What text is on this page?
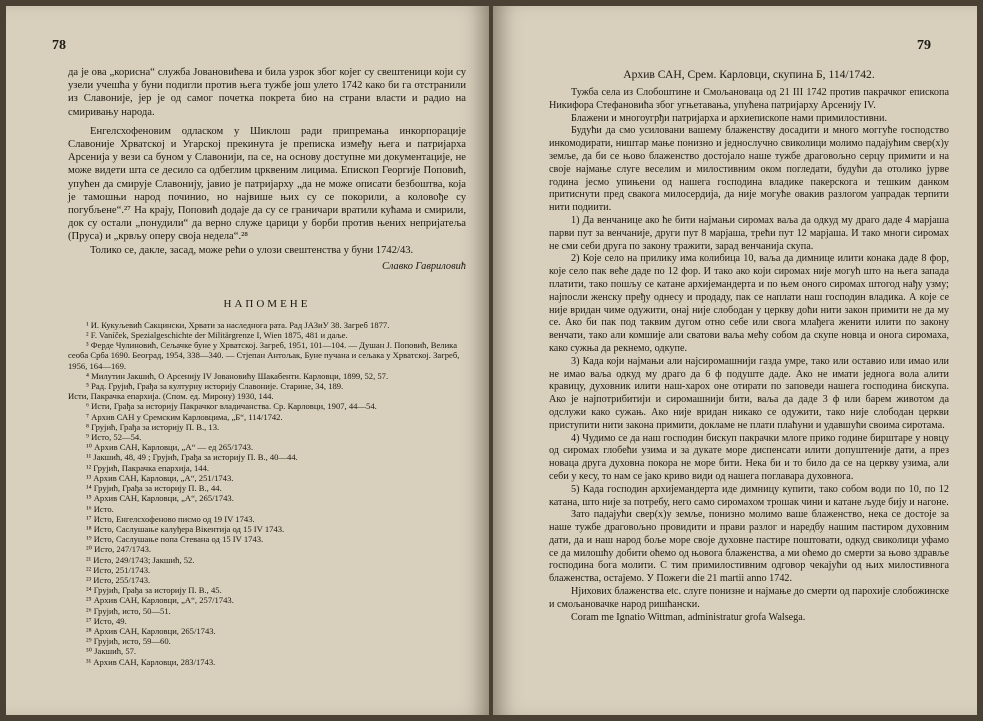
78

да је ова „корисна“ служба Јовановићева и била узрок због којег су свештеници који су узели учешћа у буни подигли против њега тужбе још улето 1742 како би га отстранили из Славоније, јер је од самог почетка покрета био на страни власти и радио на смиривању народа.

Енгелсхофеновим одласком у Шиклош ради припремања инкорпорације Славоније Хрватској и Угарској прекинута је преписка између њега и патријарха Арсенија у вези са буном у Славонији, па се, на основу доступне ми документације, не може видети шта се десило са одбеглим црквеним лицима. Епископ Георгије Поповић, упућен да смирује Славонију, јавио је патријарху „да не може описати безбоштва, која је тамошњи народ починио, но највише њих су се покорили, а коловође су погубљене“.²⁷ На крају, Поповић додаје да су се граничари вратили кућама и смирили, док су остали „понудили“ да верно служе царици у борби против њених непријатеља (Пруса) и „крвљу оперу своја недела“.²⁸

Толико се, дакле, засад, може рећи о улози свештенства у буни 1742/43.

Славко Гавриловић
НАПОМЕНЕ

¹ И. Кукуљевић Сакцински, Хрвати за наследнога рата. Рад ЈАЗиУ 38. Загреб 1877.

² F. Vaníček, Spezialgeschichte der Militärgrenze I, Wien 1875, 481 и даље.

³ Ферде Чулиновић, Сељачке буне у Хрватској. Загреб, 1951, 101—104. — Душан Ј. Поповић, Велика сеоба Срба 1690. Београд, 1954, 338—340. — Стјепан Антољак, Буне пучана и сељака у Хрватској. Загреб, 1956, 164—169.

⁴ Милутин Јакшић, О Арсенију IV Јовановићу Шакабенти. Карловци, 1899, 52, 57.

⁵ Рад. Грујић, Грађа за културну историју Славоније. Старине, 34, 189.

Исти, Пакрачка епархија. (Спом. ед. Мирону) 1930, 144.

⁶ Исти, Грађа за историју Пакрачког владичанства. Ср. Карловци, 1907, 44—54.

⁷ Архив САН у Сремским Карловцима, „Б“, 114/1742.

⁸ Грујић, Грађа за историју П. В., 13.

⁹ Исто, 52—54.

¹⁰ Архив САН, Карловци, „А“ — ед 265/1743.

¹¹ Јакшић, 48, 49 ; Грујић, Грађа за историју П. В., 40—44.

¹² Грујић, Пакрачка епархија, 144.

¹³ Архив САН, Карловци, „А“, 251/1743.

¹⁴ Грујић, Грађа за историју П. В., 44.

¹⁵ Архив САН, Карловци, „А“, 265/1743.

¹⁶ Исто.

¹⁷ Исто, Енгелсхофеново писмо од 19 IV 1743.

¹⁸ Исто, Саслушање калуђера Вікентија од 15 IV 1743.

¹⁹ Исто, Саслушање попа Стевана од 15 IV 1743.

²⁰ Исто, 247/1743.

²¹ Исто, 249/1743; Јакшић, 52.

²² Исто, 251/1743.

²³ Исто, 255/1743.

²⁴ Грујић, Грађа за историју П. В., 45.

²⁵ Архив САН, Карловци, „А“, 257/1743.

²⁶ Грујић, исто, 50—51.

²⁷ Исто, 49.

²⁸ Архив САН, Карловци, 265/1743.

²⁹ Грујић, исто, 59—60.

³⁰ Јакшић, 57.

³¹ Архив САН, Карловци, 283/1743.

79
Архив САН, Срем. Карловци, скупина Б, 114/1742.

Тужба села из Слобоштине и Смољановаца од 21 III 1742 против пакрачког епископа Никифора Стефановића због угњетавања, упућена патријарху Арсенију IV.

Блажени и многоугрђи патријарха и архиепископе нами примилостивни.

Будући да смо усиловани вашему блаженству досадити и много моггуће господство инкомодирати, ништар мање понизно и једнослучно свиколици молимо падајућим свер(х)у земље, да би се њово блаженство достојало наше тужбе драговољно серцу примити и на своје најмање слуге веселим и милостивним оком погледати, будући да отолико јурве година јесмо упињени од нашега господина владике пакерскога и тешким данком притиснути пред свакога милосердија, да није могуће овакив разлогом уапрадак терпити нити подиити.

1) Да венчанице ако ће бити најмањи сиромах ваља да одкуд му драго даде 4 марјаша парви пут за венчаније, други пут 8 марјаша, трећи пут 12 марјаша. И тако многи сиромах не сми себи друга по закону тражити, зарад венчанија скупа.

2) Које село на прилику има колибица 10, ваља да димнице илити конака даде 8 фор, које село пак веће даде по 12 фор. И тако ако који сиромах није могућ што на њега запада платити, тако пошљу се катане архијемандерта и по њем оного сиромах штогод нађу узму; најпосли женску пређу однесу и продаду, пак се наплати наш господин владика. А које се није вридан чиме одужити, онај није слободан у церкву доћи нити закон примити не да му се. Ако би пак под таквим дугом отно себе или свога млађега женити илити по закону венчати, тако али комшије али сватови ваља мећу собом да скупе новца и онога сиромаха, како сужња да рекнемо, одкупе.

3) Када који најмањи али најсиромашнији газда умре, тако или оставио или имао или не имао ваља одкуд му драго да 6 ф подуште даде. Ако не имати једнога вола алити кравицу, духовник илити наш-харох оне отирати по заповеди нашега господина бискупа. Ако је најпотрибитији и сиромашнији бити, ваља да даде 3 ф или барем животом да одслужи како сужањ. Ако није вридан никако се одужити, тако није слободан церкви приступити нити закона примити, докламе не плати плаћуни и удавшући своима сиротама.

4) Чудимо се да наш господин бискуп пакрачки млоге прико године бирштаре у новцу од сиромах глобећи узима и за дукате море диспенсати илити допуштеније дати, а през новаца друга духовна покора не море бити. Нека би и то било да се на церкву узима, али себи у кесу, то нам се јако криво види од нашега поглавара духовнога.

5) Када господин архијемандерта иде димницу купити, тако собом води по 10, по 12 катана, што није за потребу, него само сиромахом трошак чини и катане људе бију и нагоне.

Зато падајући свер(х)у земље, понизно молимо ваше блаженство, нека се достоје за наше тужбе драговољно провидити и прави разлог и наредбу нашим пастиром духовним дати, да и наш народ боље море своје духовне пастире поштовати, одкуд свиколици уфамо се да милошћу добити оћемо од њовога блаженства, а ми оћемо до смерти за њово здравље господина бога молити. С тим примилостивним одговор чекајући од њих милостивнога блаженства, остајемо. У Пожеги die 21 martii anno 1742.

Нјихових блаженства etc. слуге понизне и најмање до смерти од парохије слобожинске и смољановачке народ ришћански.

Coram me Ignatio Wittman, administratur grofa Walsega.
